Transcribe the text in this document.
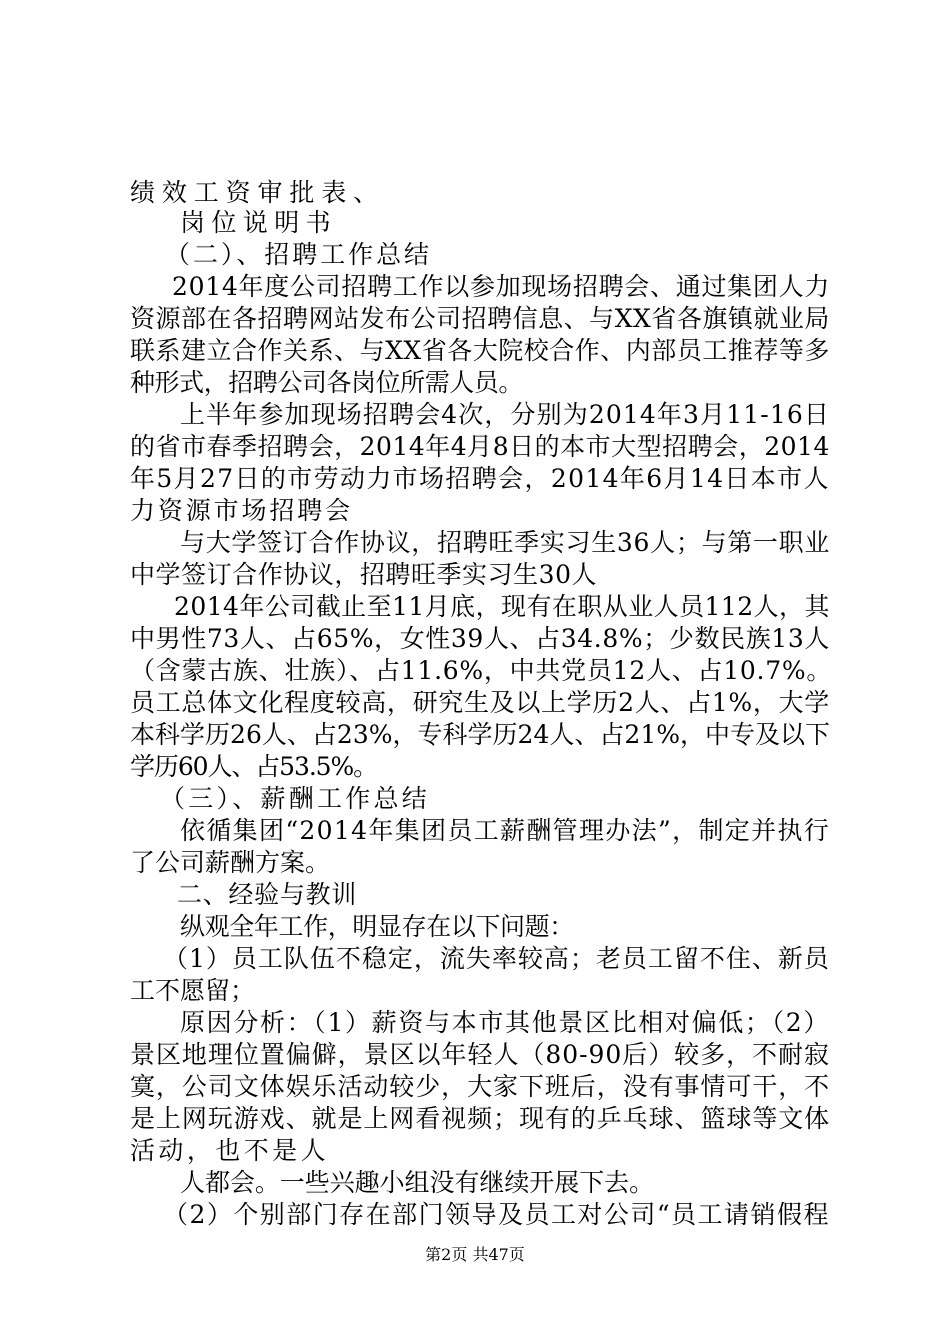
绩效工资审批表、
岗位说明书
（二）、招聘工作总结
2014年度公司招聘工作以参加现场招聘会、通过集团人力
资源部在各招聘网站发布公司招聘信息、与XX省各旗镇就业局
联系建立合作关系、与XX省各大院校合作、内部员工推荐等多
种形式，招聘公司各岗位所需人员。
上半年参加现场招聘会4次，分别为2014年3月11-16日
的省市春季招聘会，2014年4月8日的本市大型招聘会，2014
年5月27日的市劳动力市场招聘会，2014年6月14日本市人
力资源市场招聘会
与大学签订合作协议，招聘旺季实习生36人；与第一职业
中学签订合作协议，招聘旺季实习生30人
2014年公司截止至11月底，现有在职从业人员112人，其
中男性73人、占65%，女性39人、占34.8%；少数民族13人
（含蒙古族、壮族）、占11.6%，中共党员12人、占10.7%。
员工总体文化程度较高，研究生及以上学历2人、占1%，大学
本科学历26人、占23%，专科学历24人、占21%，中专及以下
学历60人、占53.5%。
（三）、薪酬工作总结
依循集团“2014年集团员工薪酬管理办法”，制定并执行
了公司薪酬方案。
二、经验与教训
纵观全年工作，明显存在以下问题：
（1）员工队伍不稳定，流失率较高；老员工留不住、新员
工不愿留；
原因分析：（1）薪资与本市其他景区比相对偏低；（2）
景区地理位置偏僻，景区以年轻人（80-90后）较多，不耐寂
寞，公司文体娱乐活动较少，大家下班后，没有事情可干，不
是上网玩游戏、就是上网看视频；现有的乒乓球、篮球等文体
活动，也不是人
人都会。一些兴趣小组没有继续开展下去。
（2）个别部门存在部门领导及员工对公司“员工请销假程
第2页 共47页
